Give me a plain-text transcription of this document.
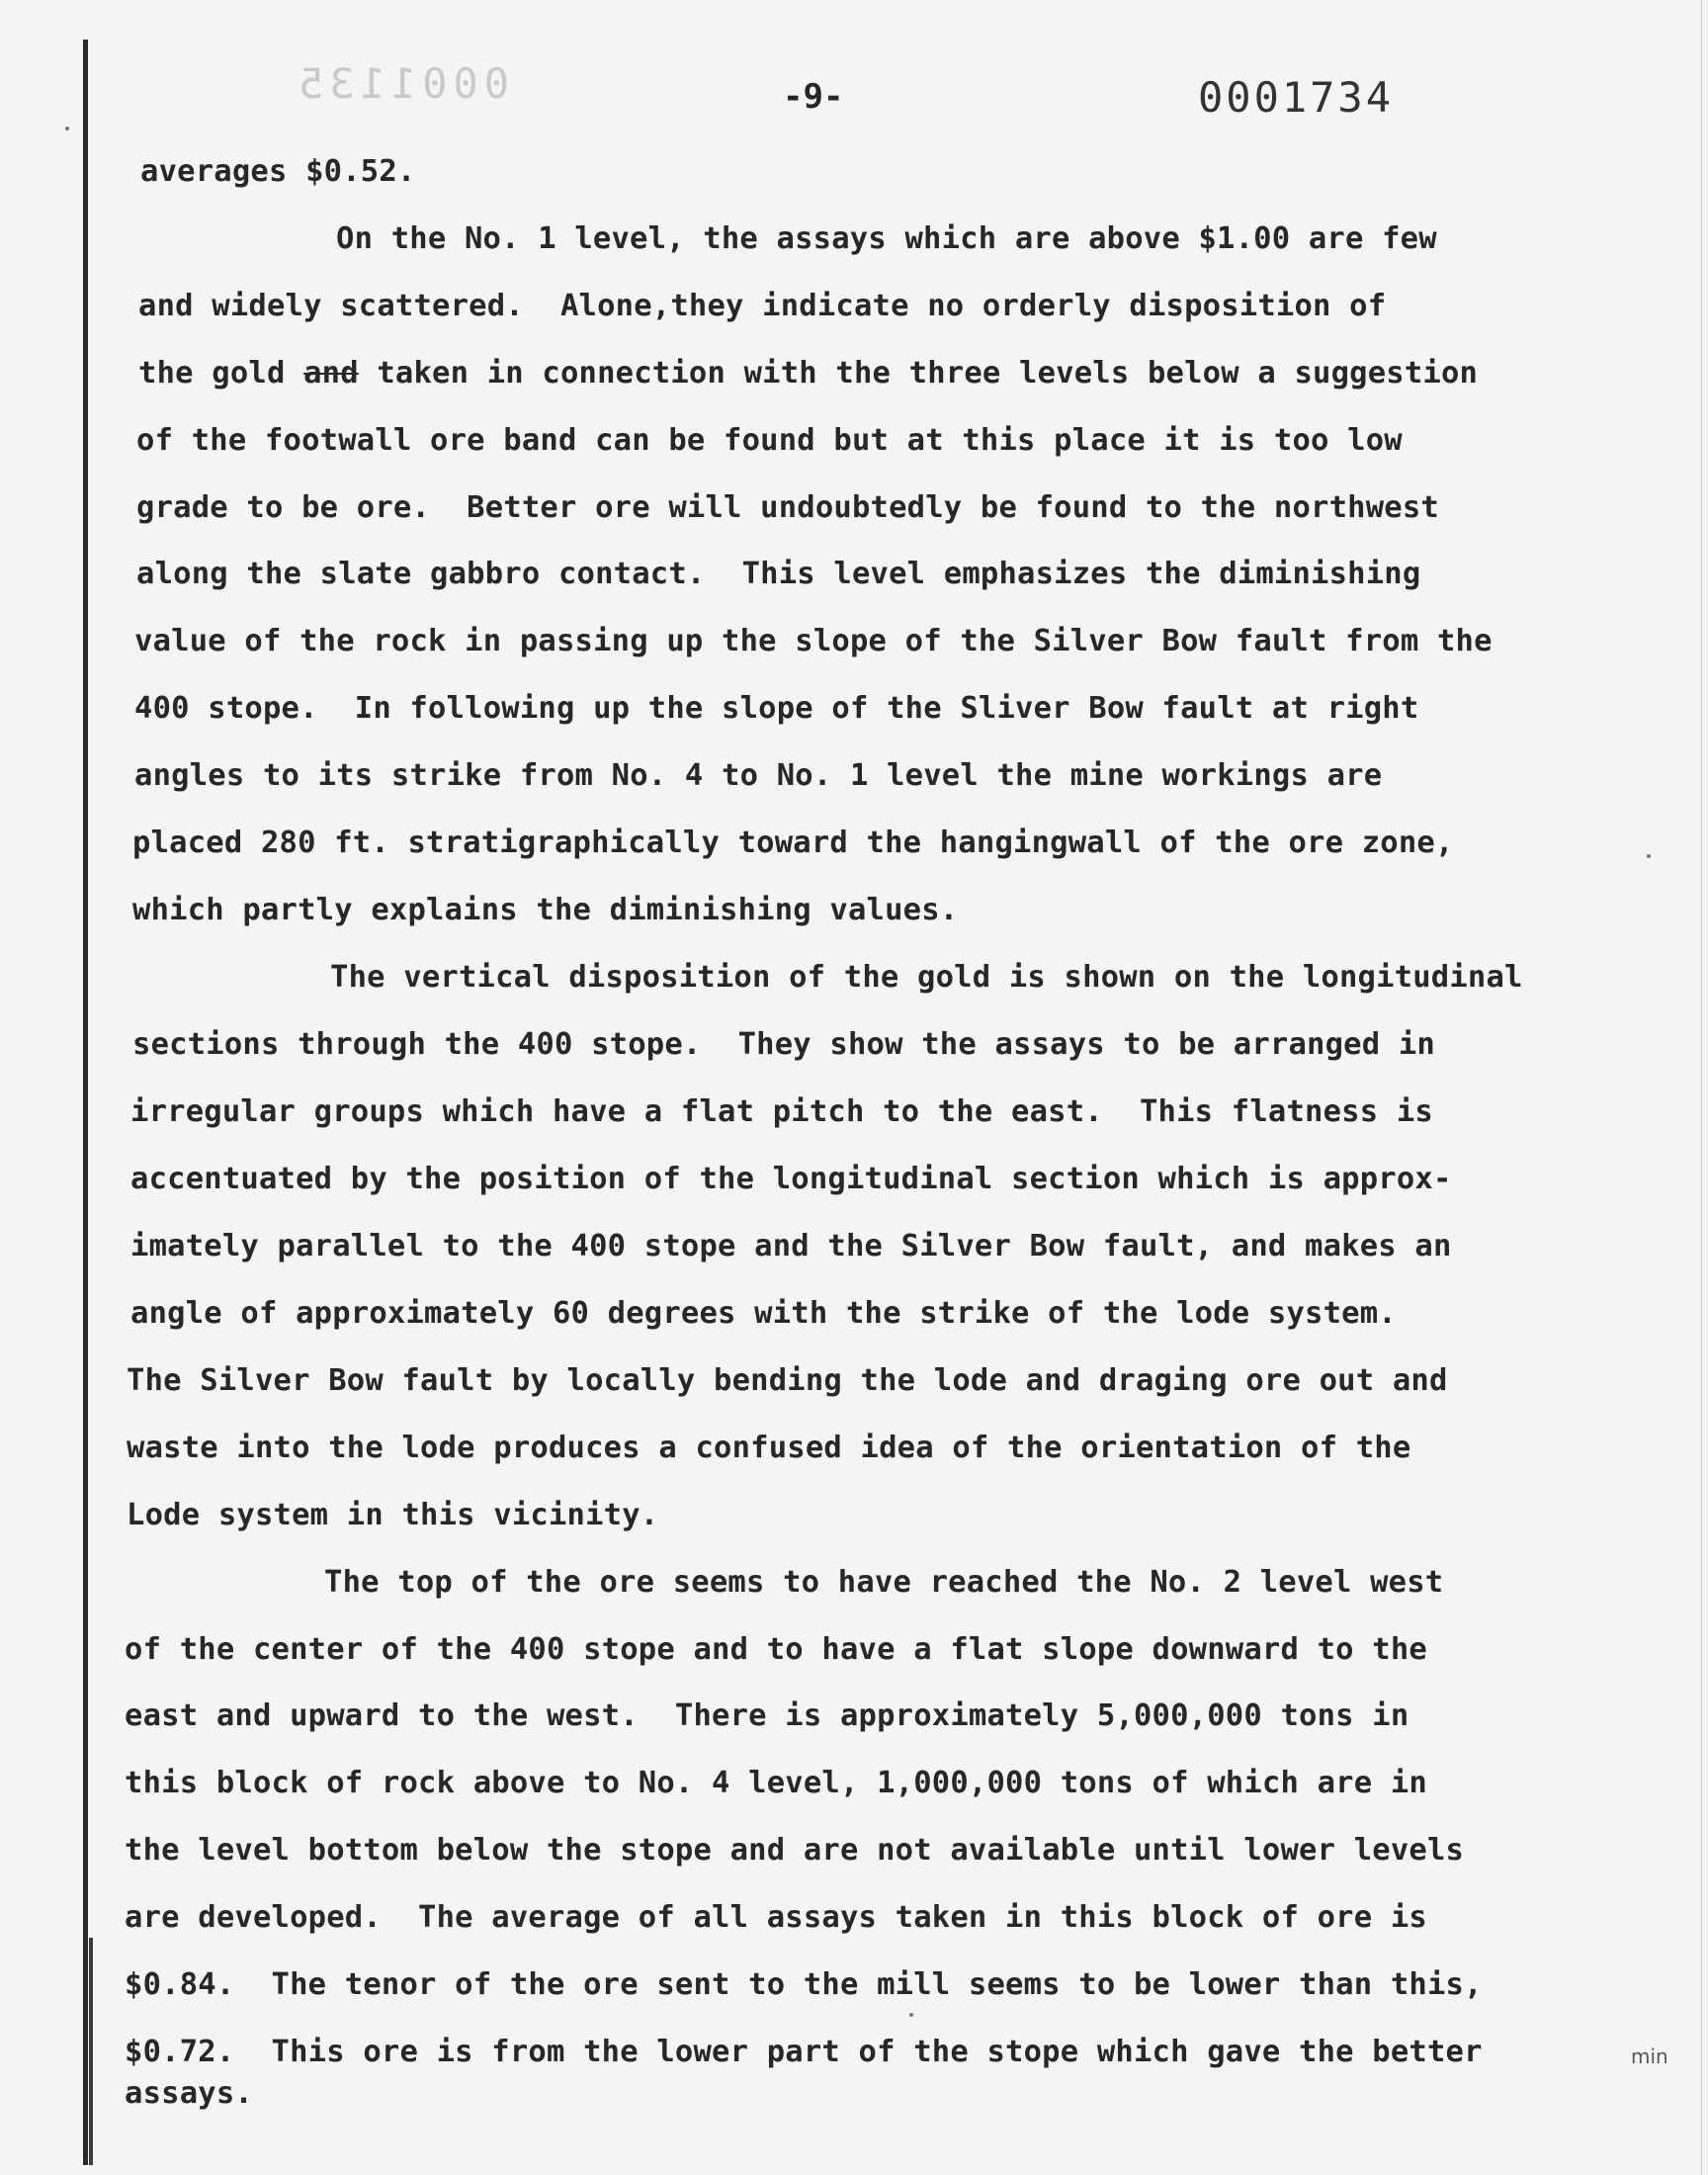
0001135	-9-	0001734
averages $0.52.
On the No. 1 level, the assays which are above $1.00 are few
and widely scattered.  Alone,they indicate no orderly disposition of
the gold and taken in connection with the three levels below a suggestion
of the footwall ore band can be found but at this place it is too low
grade to be ore.  Better ore will undoubtedly be found to the northwest
along the slate gabbro contact.  This level emphasizes the diminishing
value of the rock in passing up the slope of the Silver Bow fault from the
400 stope.  In following up the slope of the Sliver Bow fault at right
angles to its strike from No. 4 to No. 1 level the mine workings are
placed 280 ft. stratigraphically toward the hangingwall of the ore zone,
which partly explains the diminishing values.
The vertical disposition of the gold is shown on the longitudinal
sections through the 400 stope.  They show the assays to be arranged in
irregular groups which have a flat pitch to the east.  This flatness is
accentuated by the position of the longitudinal section which is approx-
imately parallel to the 400 stope and the Silver Bow fault, and makes an
angle of approximately 60 degrees with the strike of the lode system.
The Silver Bow fault by locally bending the lode and draging ore out and
waste into the lode produces a confused idea of the orientation of the
Lode system in this vicinity.
The top of the ore seems to have reached the No. 2 level west
of the center of the 400 stope and to have a flat slope downward to the
east and upward to the west.  There is approximately 5,000,000 tons in
this block of rock above to No. 4 level, 1,000,000 tons of which are in
the level bottom below the stope and are not available until lower levels
are developed.  The average of all assays taken in this block of ore is
$0.84.  The tenor of the ore sent to the mill seems to be lower than this,
$0.72.  This ore is from the lower part of the stope which gave the better
assays.
min
